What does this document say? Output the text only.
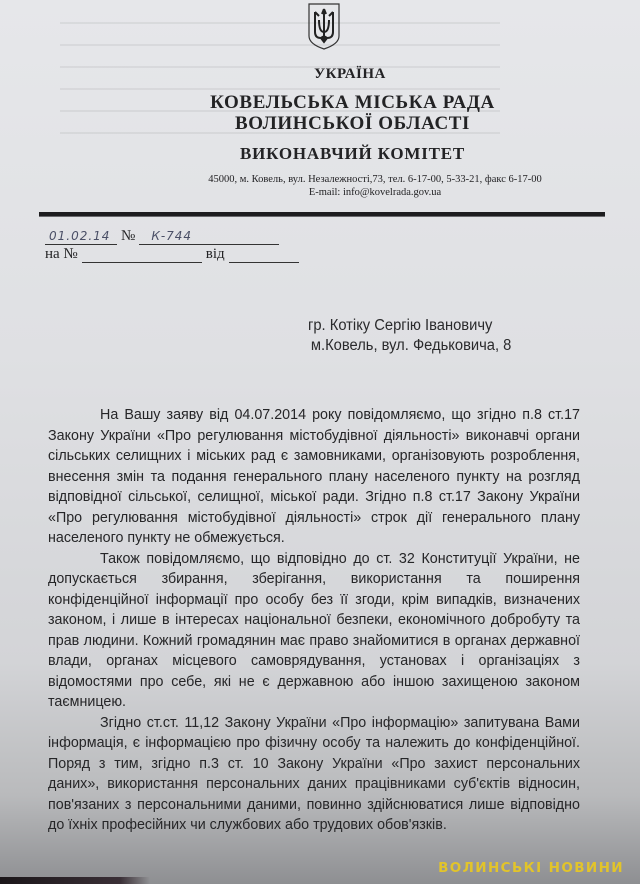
УКРАЇНА
КОВЕЛЬСЬКА МІСЬКА РАДА
ВОЛИНСЬКОЇ ОБЛАСТІ
ВИКОНАВЧИЙ КОМІТЕТ
45000, м. Ковель, вул. Незалежності,73, тел. 6-17-00, 5-33-21, факс 6-17-00
E-mail: info@kovelrada.gov.ua
01.02.14 № К-744
на №	від
гр. Котіку Сергію Івановичу
м.Ковель, вул. Федьковича, 8

На Вашу заяву від 04.07.2014 року повідомляємо, що згідно п.8 ст.17 Закону України «Про регулювання містобудівної діяльності» виконавчі органи сільських селищних і міських рад є замовниками, організовують розроблення, внесення змін та подання генерального плану населеного пункту на розгляд відповідної сільської, селищної, міської ради. Згідно п.8 ст.17 Закону України «Про регулювання містобудівної діяльності» строк дії генерального плану населеного пункту не обмежується.

Також повідомляємо, що відповідно до ст. 32 Конституції України, не допускається збирання, зберігання, використання та поширення конфіденційної інформації про особу без її згоди, крім випадків, визначених законом, і лише в інтересах національної безпеки, економічного добробуту та прав людини. Кожний громадянин має право знайомитися в органах державної влади, органах місцевого самоврядування, установах і організаціях з відомостями про себе, які не є державною або іншою захищеною законом таємницею.

Згідно ст.ст. 11,12 Закону України «Про інформацію» запитувана Вами інформація, є інформацією про фізичну особу та належить до конфіденційної. Поряд з тим, згідно п.3 ст. 10 Закону України «Про захист персональних даних», використання персональних даних працівниками суб'єктів відносин, пов'язаних з персональними даними, повинно здійснюватися лише відповідно до їхніх професійних чи службових або трудових обов'язків.

ВОЛИНСЬКІ НОВИНИ
